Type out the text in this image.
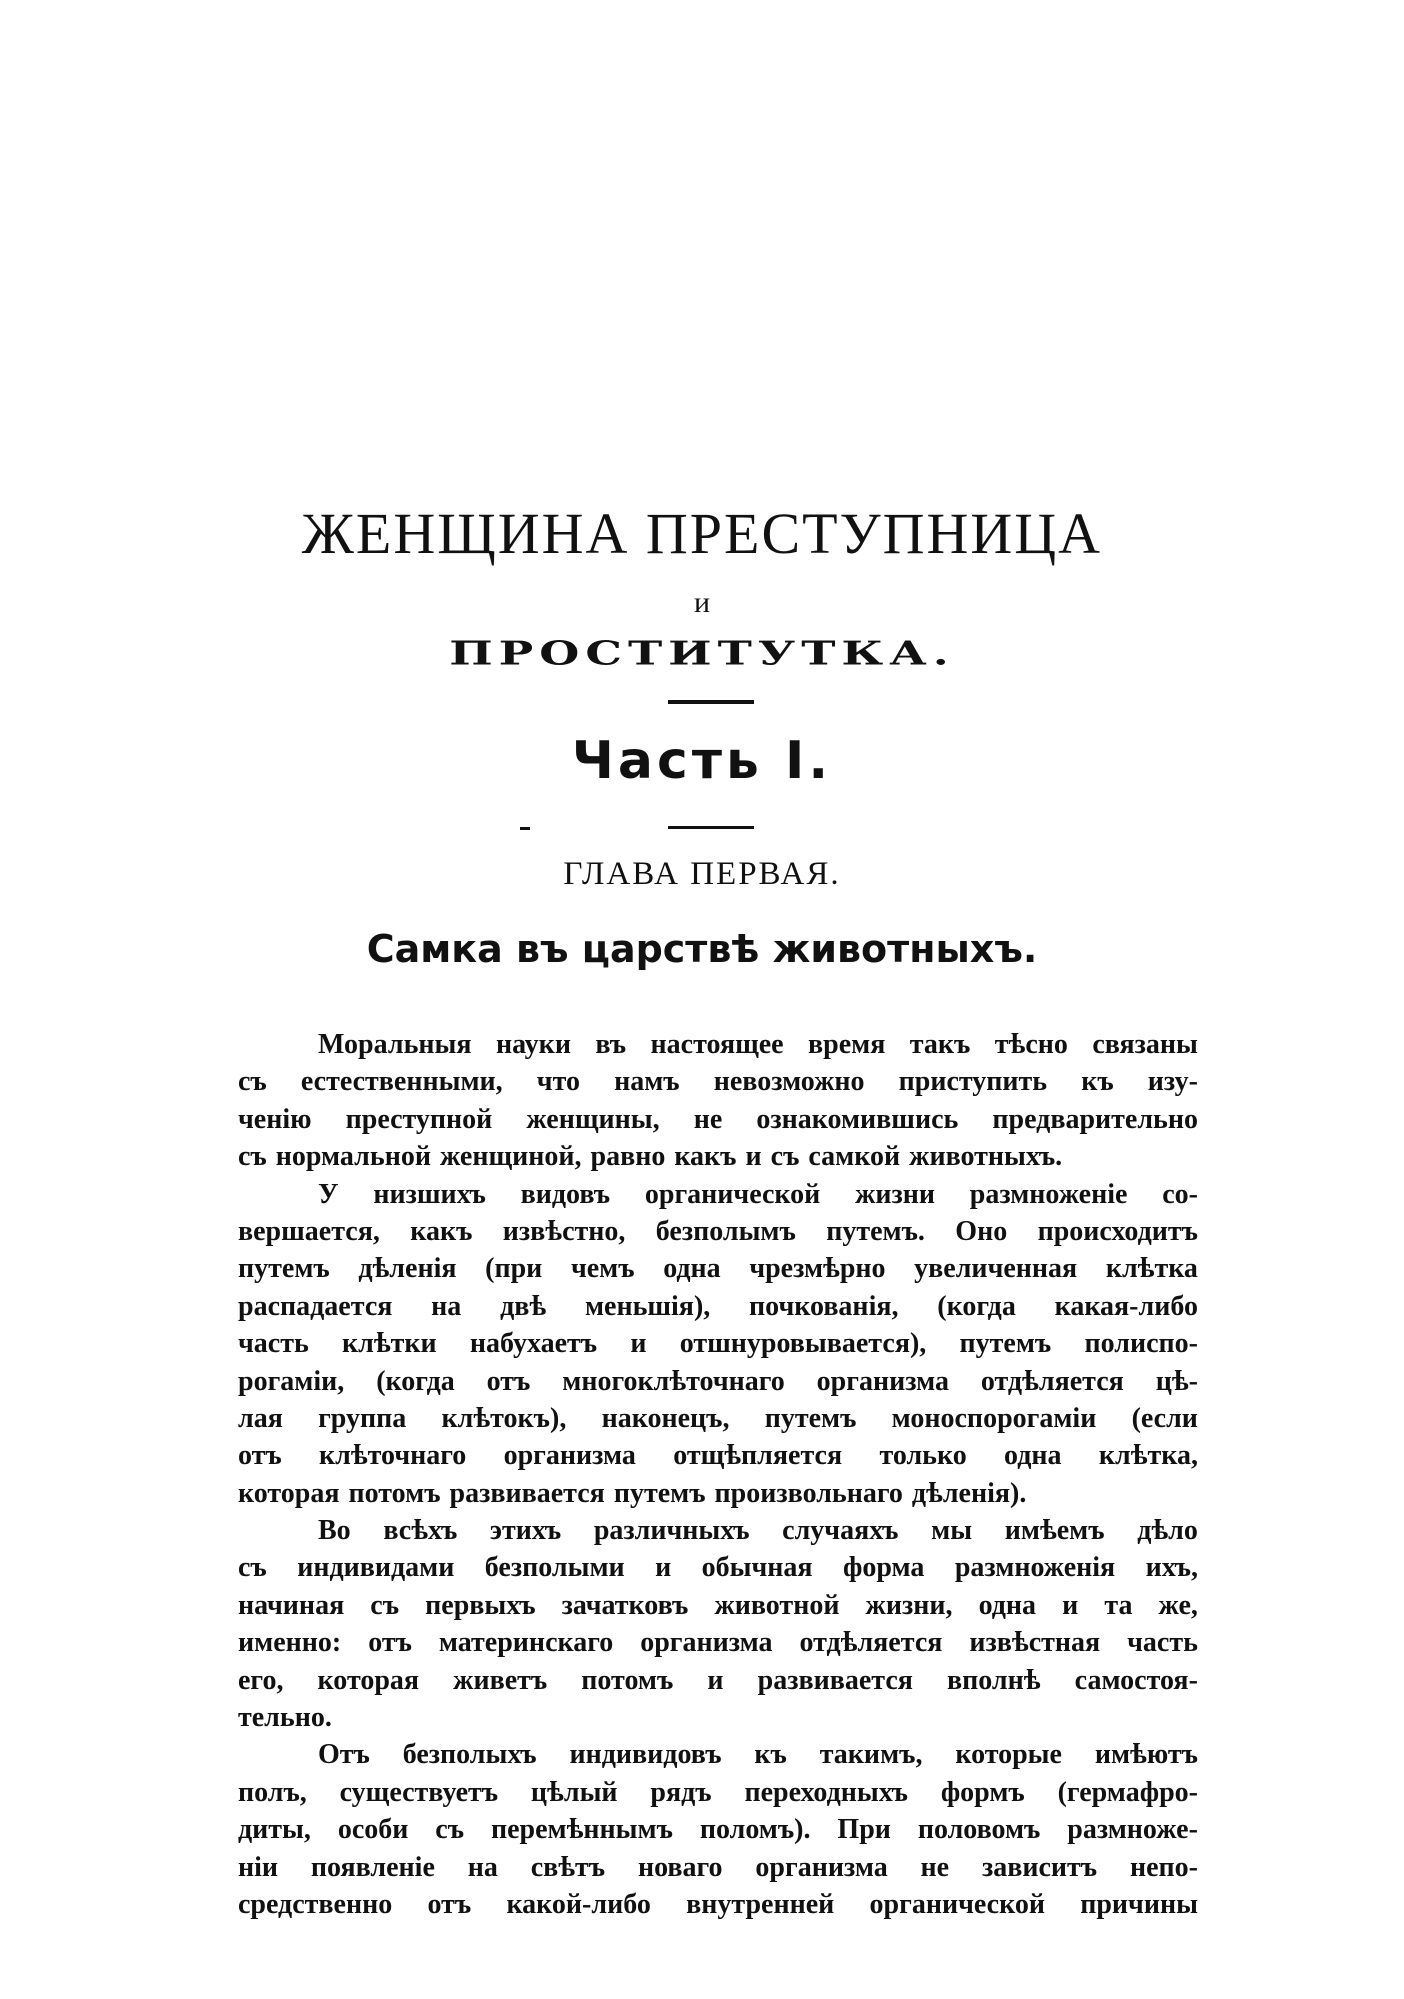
ЖЕНЩИНА ПРЕСТУПНИЦА
и
ПРОСТИТУТКА.
Часть I.
ГЛАВА ПЕРВАЯ.
Самка въ царствѣ животныхъ.
Моральныя науки въ настоящее время такъ тѣсно связаны
съ естественными, что намъ невозможно приступить къ изу-
ченію преступной женщины, не ознакомившись предварительно
съ нормальной женщиной, равно какъ и съ самкой животныхъ.
У низшихъ видовъ органической жизни размноженіе со-
вершается, какъ извѣстно, безполымъ путемъ. Оно происходитъ
путемъ дѣленія (при чемъ одна чрезмѣрно увеличенная клѣтка
распадается на двѣ меньшія), почкованія, (когда какая-либо
часть клѣтки набухаетъ и отшнуровывается), путемъ полиспо-
рогаміи, (когда отъ многоклѣточнаго организма отдѣляется цѣ-
лая группа клѣтокъ), наконецъ, путемъ моноспорогаміи (если
отъ клѣточнаго организма отщѣпляется только одна клѣтка,
которая потомъ развивается путемъ произвольнаго дѣленія).
Во всѣхъ этихъ различныхъ случаяхъ мы имѣемъ дѣло
съ индивидами безполыми и обычная форма размноженія ихъ,
начиная съ первыхъ зачатковъ животной жизни, одна и та же,
именно: отъ материнскаго организма отдѣляется извѣстная часть
его, которая живетъ потомъ и развивается вполнѣ самостоя-
тельно.
Отъ безполыхъ индивидовъ къ такимъ, которые имѣютъ
полъ, существуетъ цѣлый рядъ переходныхъ формъ (гермафро-
диты, особи съ перемѣннымъ поломъ). При половомъ размноже-
ніи появленіе на свѣтъ новаго организма не зависитъ непо-
средственно отъ какой-либо внутренней органической причины
